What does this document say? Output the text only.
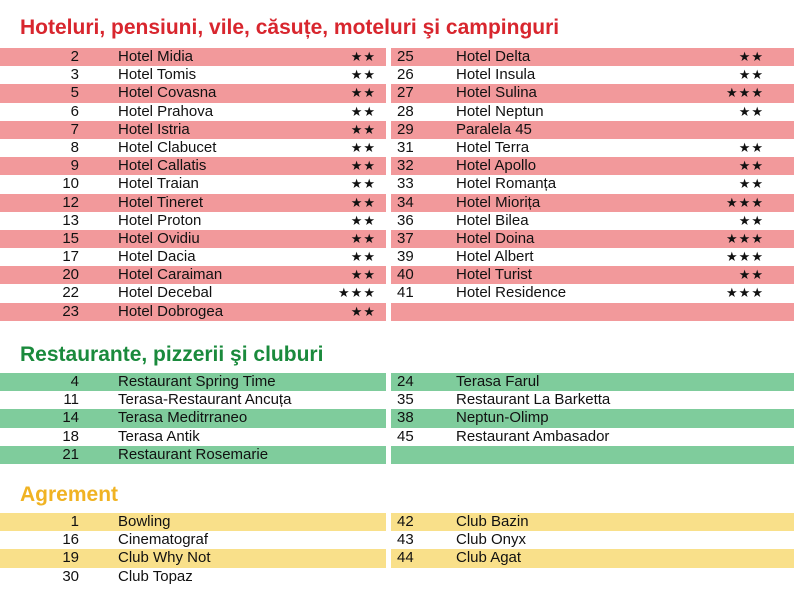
Hoteluri, pensiuni, vile, căsuțe, moteluri şi campinguri
2	Hotel Midia	★★
3	Hotel Tomis	★★
5	Hotel Covasna	★★
6	Hotel Prahova	★★
7	Hotel Istria	★★
8	Hotel Clabucet	★★
9	Hotel Callatis	★★
10	Hotel Traian	★★
12	Hotel Tineret	★★
13	Hotel Proton	★★
15	Hotel Ovidiu	★★
17	Hotel Dacia	★★
20	Hotel Caraiman	★★
22	Hotel Decebal	★★★
23	Hotel Dobrogea	★★
25	Hotel Delta	★★
26	Hotel Insula	★★
27	Hotel Sulina	★★★
28	Hotel Neptun	★★
29	Paralela 45
31	Hotel Terra	★★
32	Hotel Apollo	★★
33	Hotel Romanța	★★
34	Hotel Miorița	★★★
36	Hotel Bilea	★★
37	Hotel Doina	★★★
39	Hotel Albert	★★★
40	Hotel Turist	★★
41	Hotel Residence	★★★
Restaurante, pizzerii şi cluburi
4	Restaurant Spring Time
11	Terasa-Restaurant Ancuța
14	Terasa Meditrraneo
18	Terasa Antik
21	Restaurant Rosemarie
24	Terasa Farul
35	Restaurant La Barketta
38	Neptun-Olimp
45	Restaurant Ambasador
Agrement
1	Bowling
16	Cinematograf
19	Club Why Not
30	Club Topaz
42	Club Bazin
43	Club Onyx
44	Club Agat
